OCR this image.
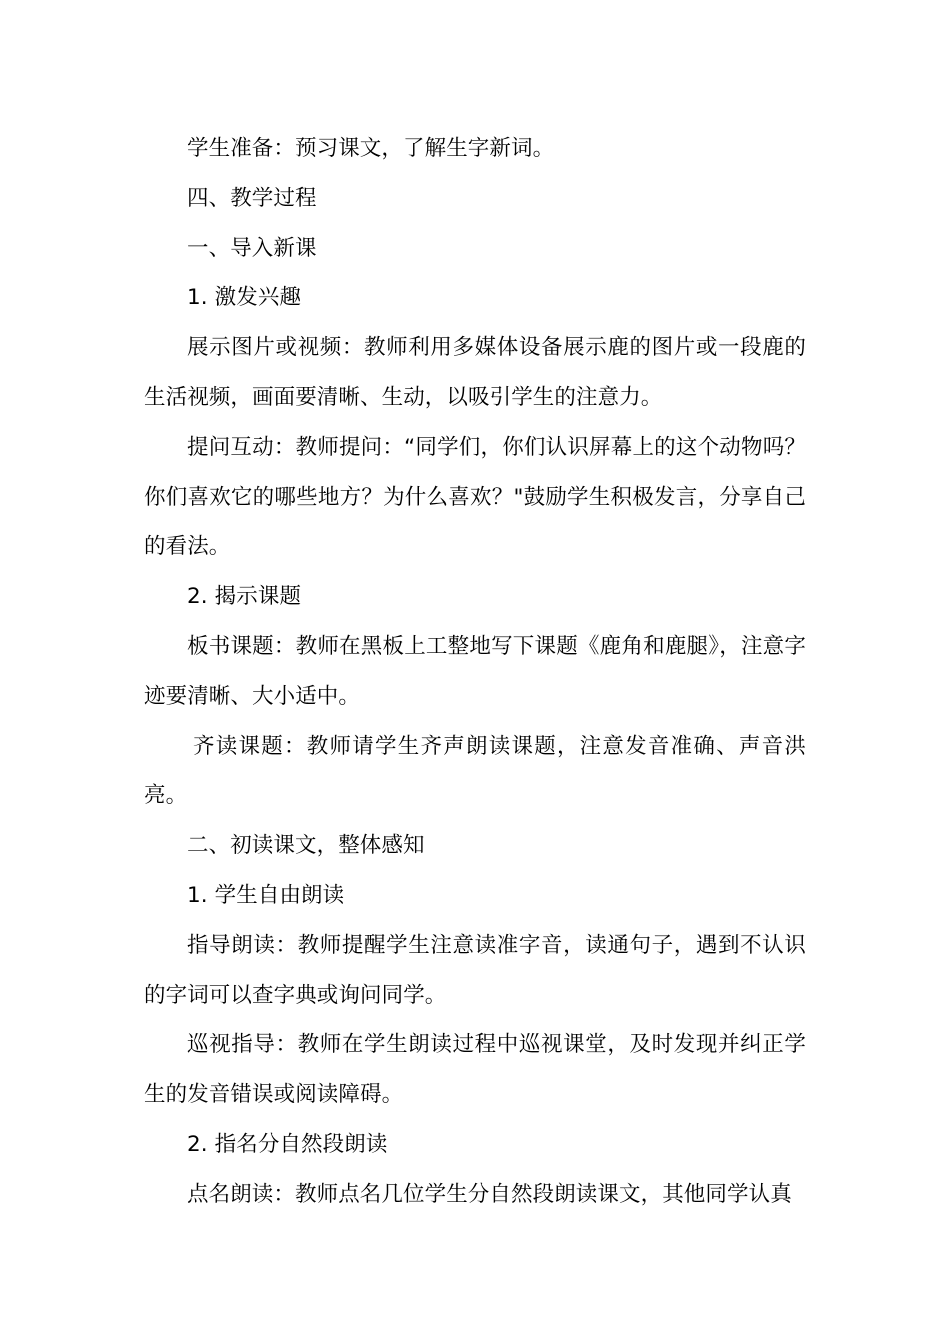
学生准备：预习课文，了解生字新词。

四、教学过程

一、导入新课

1. 激发兴趣

展示图片或视频：教师利用多媒体设备展示鹿的图片或一段鹿的生活视频，画面要清晰、生动，以吸引学生的注意力。

提问互动：教师提问：“同学们，你们认识屏幕上的这个动物吗？你们喜欢它的哪些地方？为什么喜欢？"鼓励学生积极发言，分享自己的看法。

2. 揭示课题

板书课题：教师在黑板上工整地写下课题《鹿角和鹿腿》，注意字迹要清晰、大小适中。

齐读课题：教师请学生齐声朗读课题，注意发音准确、声音洪亮。

二、初读课文，整体感知

1. 学生自由朗读

指导朗读：教师提醒学生注意读准字音，读通句子，遇到不认识的字词可以查字典或询问同学。

巡视指导：教师在学生朗读过程中巡视课堂，及时发现并纠正学生的发音错误或阅读障碍。

2. 指名分自然段朗读

点名朗读：教师点名几位学生分自然段朗读课文，其他同学认真
